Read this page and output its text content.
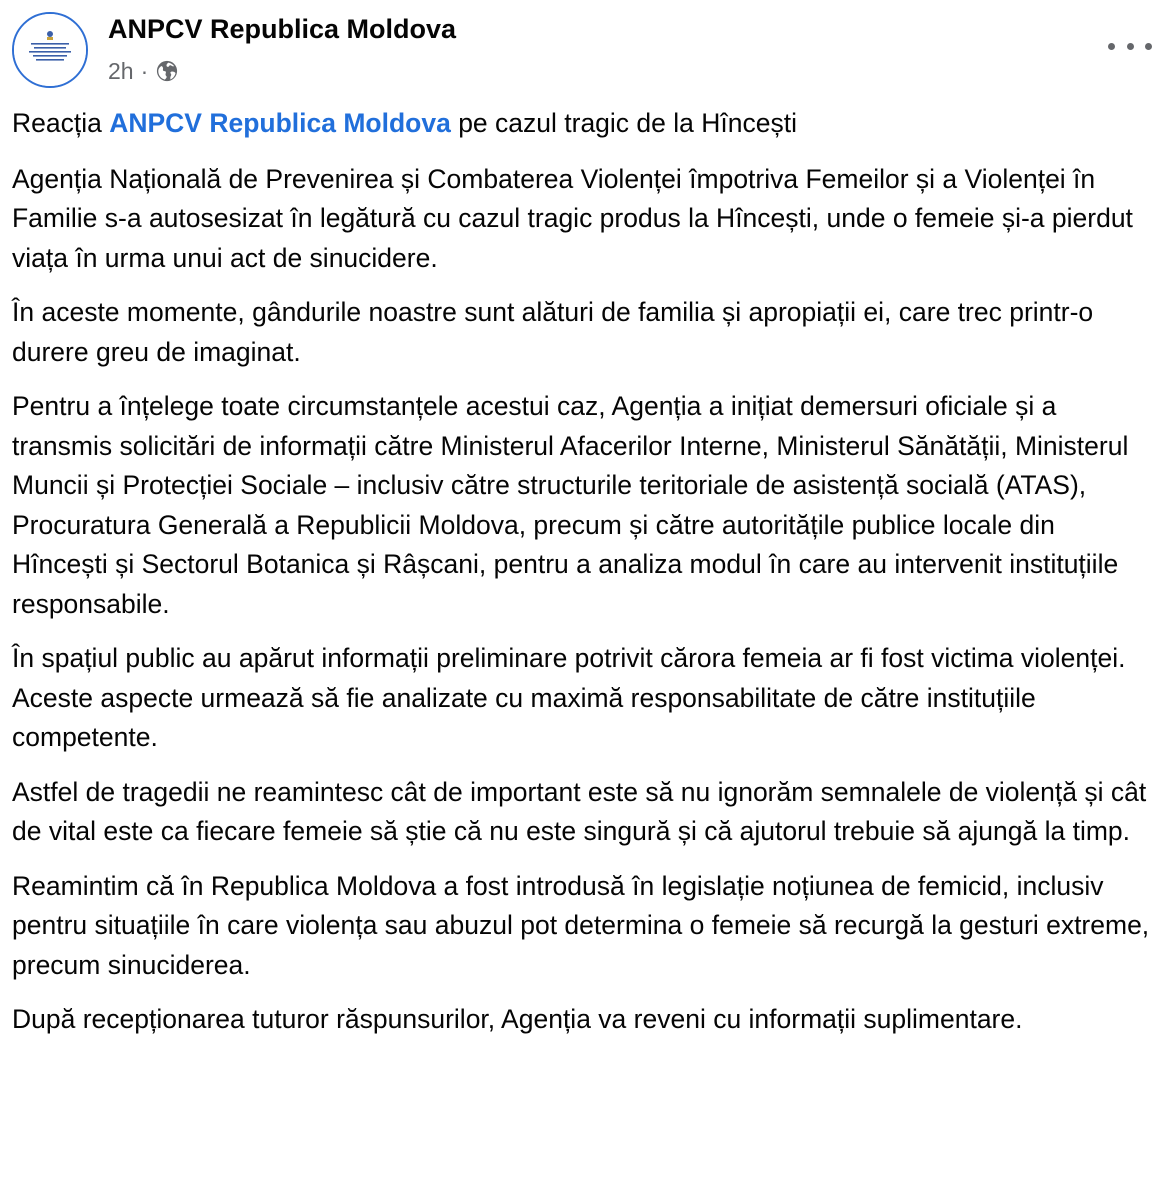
ANPCV Republica Moldova
2h ·

Reacția ANPCV Republica Moldova pe cazul tragic de la Hîncești

Agenția Națională de Prevenirea și Combaterea Violenței împotriva Femeilor și a Violenței în Familie s-a autosesizat în legătură cu cazul tragic produs la Hîncești, unde o femeie și-a pierdut viața în urma unui act de sinucidere.

În aceste momente, gândurile noastre sunt alături de familia și apropiații ei, care trec printr-o durere greu de imaginat.

Pentru a înțelege toate circumstanțele acestui caz, Agenția a inițiat demersuri oficiale și a transmis solicitări de informații către Ministerul Afacerilor Interne, Ministerul Sănătății, Ministerul Muncii și Protecției Sociale – inclusiv către structurile teritoriale de asistență socială (ATAS), Procuratura Generală a Republicii Moldova, precum și către autoritățile publice locale din Hîncești și Sectorul Botanica și Râșcani, pentru a analiza modul în care au intervenit instituțiile responsabile.

În spațiul public au apărut informații preliminare potrivit cărora femeia ar fi fost victima violenței. Aceste aspecte urmează să fie analizate cu maximă responsabilitate de către instituțiile competente.

Astfel de tragedii ne reamintesc cât de important este să nu ignorăm semnalele de violență și cât de vital este ca fiecare femeie să știe că nu este singură și că ajutorul trebuie să ajungă la timp.

Reamintim că în Republica Moldova a fost introdusă în legislație noțiunea de femicid, inclusiv pentru situațiile în care violența sau abuzul pot determina o femeie să recurgă la gesturi extreme, precum sinuciderea.

După recepționarea tuturor răspunsurilor, Agenția va reveni cu informații suplimentare.
